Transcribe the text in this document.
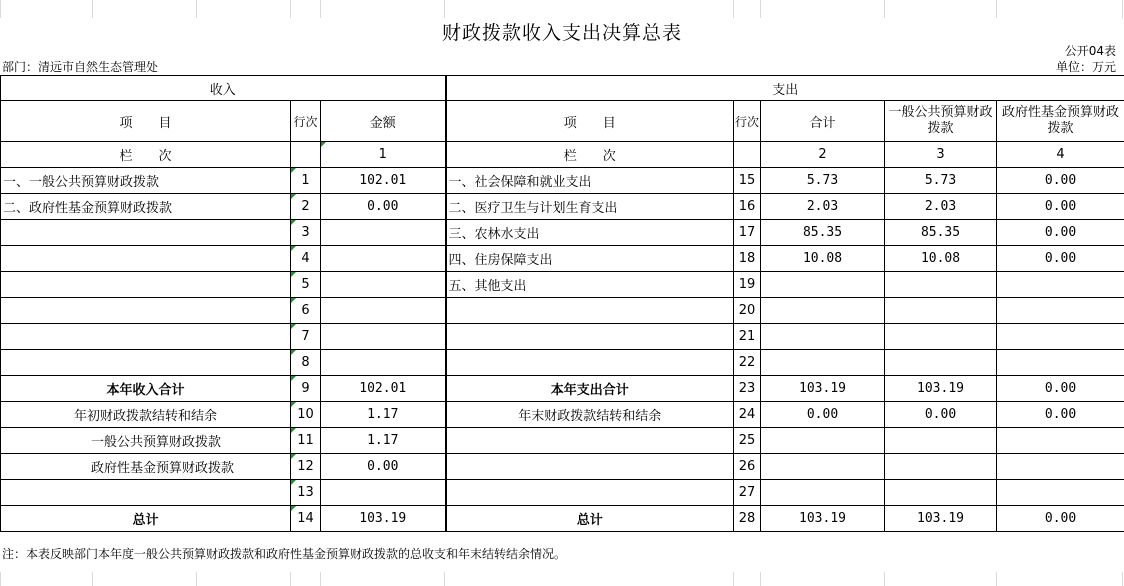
财政拨款收入支出决算总表
公开04表
部门：清远市自然生态管理处	单位：万元
收入			支出				
项　　目	行次	金额	项　　目	行次	合计	一般公共预算财政拨款	政府性基金预算财政拨款
栏　　次		1	栏　　次		2	3	4
一、一般公共预算财政拨款	1	102.01	一、社会保障和就业支出	15	5.73	5.73	0.00
二、政府性基金预算财政拨款	2	0.00	二、医疗卫生与计划生育支出	16	2.03	2.03	0.00
	3		三、农林水支出	17	85.35	85.35	0.00
	4		四、住房保障支出	18	10.08	10.08	0.00
	5		五、其他支出	19			
	6			20			
	7			21			
	8			22			
本年收入合计	9	102.01	本年支出合计	23	103.19	103.19	0.00
年初财政拨款结转和结余	10	1.17	年末财政拨款结转和结余	24	0.00	0.00	0.00
一般公共预算财政拨款	11	1.17		25			
政府性基金预算财政拨款	12	0.00		26			
	13			27			
总计	14	103.19	总计	28	103.19	103.19	0.00
注：本表反映部门本年度一般公共预算财政拨款和政府性基金预算财政拨款的总收支和年末结转结余情况。
